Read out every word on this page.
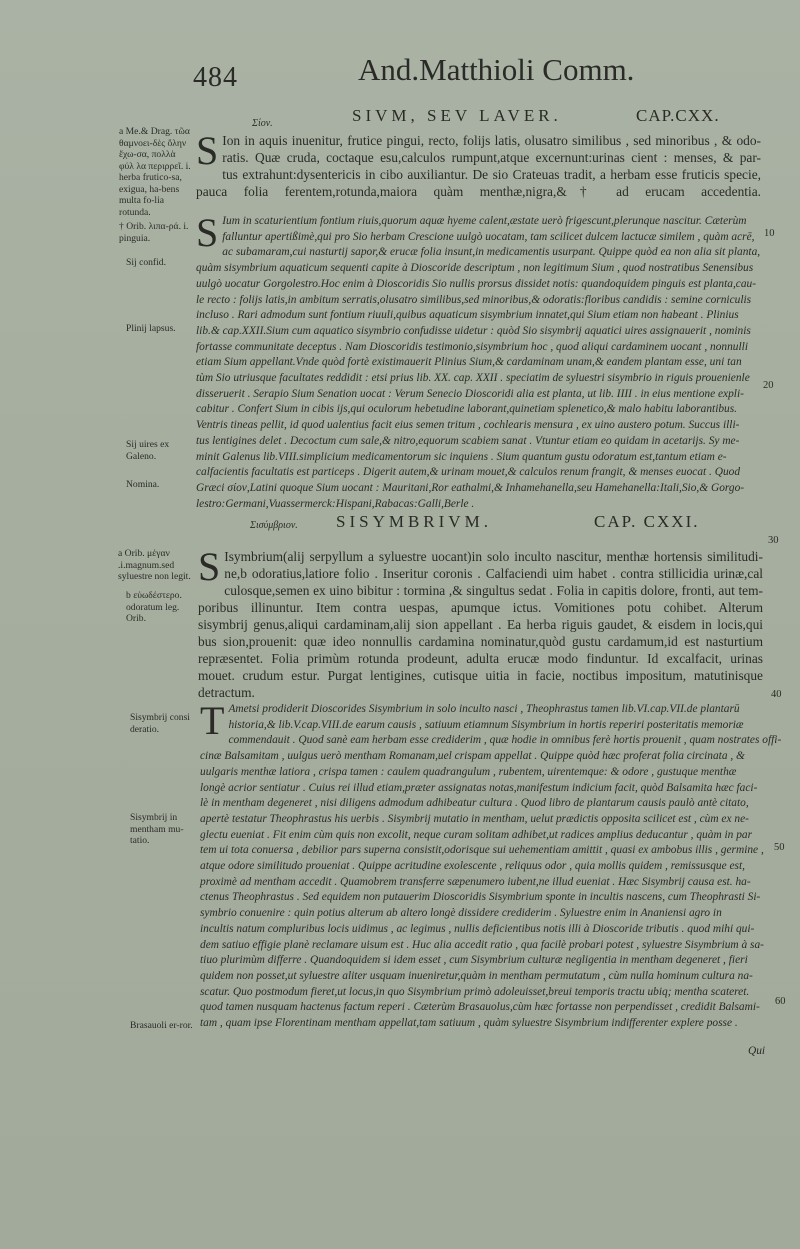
484	And.Matthioli Comm.
Σίον.	SIVM, SEV LAVER.	CAP.CXX.
a Me.& Drag. τῶα θαμνοει-δὲς ὄλην ἔχω-σα, πολλὰ φύλ λα περιρρεῖ. i. herba frutico-sa, exigua, ha-bens multa fo-lia rotunda.
† Orib. λιπα-ρά. i. pinguia.
Sij confid.
Plinij lapsus.
Sij uires ex Galeno.
Nomina.
S Ion in aquis inuenitur, frutice pingui, recto, folijs latis, olusatro similibus , sed minoribus , & odo-
ratis. Quæ cruda, coctaque esu,calculos rumpunt,atque excernunt:urinas cient : menses, & par-
tus extrahunt:dysentericis in cibo auxiliantur. De sio Crateuas tradit, a herbam esse fruticis specie,
pauca folia ferentem,rotunda,maiora quàm menthæ,nigra,&† ad erucam accedentia.
S Ium in scaturientium fontium riuis,quorum aquæ hyeme calent,æstate uerò frigescunt,plerunque nascitur. Cæterùm
falluntur apertißimè,qui pro Sio herbam Crescione uulgò uocatam, tam scilicet dulcem lactucæ similem , quàm acrē,
ac subamaram,cui nasturtij sapor,& erucæ folia insunt,in medicamentis usurpant. Quippe quòd ea non alia sit planta,
quàm sisymbrium aquaticum sequenti capite à Dioscoride descriptum , non legitimum Sium , quod nostratibus Senensibus
uulgò uocatur Gorgolestro.Hoc enim à Dioscoridis Sio nullis prorsus dissidet notis: quandoquidem pinguis est planta,cau-
le recto : folijs latis,in ambitum serratis,olusatro similibus,sed minoribus,& odoratis:floribus candidis : semine corniculis
incluso . Rari admodum sunt fontium riuuli,quibus aquaticum sisymbrium innatet,qui Sium etiam non habeant . Plinius
lib.& cap.XXII.Sium cum aquatico sisymbrio confudisse uidetur : quòd Sio sisymbrij aquatici uires assignauerit , nominis
fortasse communitate deceptus . Nam Dioscoridis testimonio,sisymbrium hoc , quod aliqui cardaminem uocant , nonnulli
etiam Sium appellant.Vnde quòd fortè existimauerit Plinius Sium,& cardaminam unam,& eandem plantam esse, uni tan
tùm Sio utriusque facultates reddidit : etsi prius lib. XX. cap. XXII . speciatim de syluestri sisymbrio in riguis prouenienle
disseruerit . Serapio Sium Senation uocat : Verum Senecio Dioscoridi alia est planta, ut lib. IIII . in eius mentione expli-
cabitur . Confert Sium in cibis ijs,qui oculorum hebetudine laborant,quinetiam splenetico,& malo habitu laborantibus.
Ventris tineas pellit, id quod ualentius facit eius semen tritum , cochlearis mensura , ex uino austero potum. Succus illi-
tus lentigines delet . Decoctum cum sale,& nitro,equorum scabiem sanat . Vtuntur etiam eo quidam in acetarijs. Sy me-
minit Galenus lib.VIII.simplicium medicamentorum sic inquiens . Sium quantum gustu odoratum est,tantum etiam e-
calfacientis facultatis est particeps . Digerit autem,& urinam mouet,& calculos renum frangit, & menses euocat . Quod
Græci σίον,Latini quoque Sium uocant : Mauritani,Ror eathalmi,& Inhamehanella,seu Hamehanella:Itali,Sio,& Gorgo-
lestro:Germani,Vuassermerck:Hispani,Rabacas:Galli,Berle .
Σισύμβριον. SISYMBRIVM.	CAP. CXXI.
a Orib. μέγαν .i.magnum.sed syluestre non legit.
b εὐωδέστερο. odoratum leg. Orib.
Sisymbrij consi deratio.
Sisymbrij in mentham mu-tatio.
Brasauoli er-ror.
S Isymbrium(alij serpyllum a syluestre uocant)in solo inculto nascitur, menthæ hortensis similitudi-
ne,b odoratius,latiore folio . Inseritur coronis . Calfaciendi uim habet . contra stillicidia urinæ,cal
culosque,semen ex uino bibitur : tormina ,& singultus sedat . Folia in capitis dolore, fronti, aut tem-
poribus illinuntur. Item contra uespas, apumque ictus. Vomitiones potu cohibet. Alterum
sisymbrij genus,aliqui cardaminam,alij sion appellant . Ea herba riguis gaudet, & eisdem in locis,qui
bus sion,prouenit: quæ ideo nonnullis cardamina nominatur,quòd gustu cardamum,id est nasturtium
repræsentet. Folia primùm rotunda prodeunt, adulta erucæ modo finduntur. Id excalfacit, urinas
mouet. crudum estur. Purgat lentigines, cutisque uitia in facie, noctibus impositum, matutinisque
detractum.
T Ametsi prodiderit Dioscorides Sisymbrium in solo inculto nasci , Theophrastus tamen lib.VI.cap.VII.de plantarū
historia,& lib.V.cap.VIII.de earum causis , satiuum etiamnum Sisymbrium in hortis reperiri posteritatis memoriæ
commendauit . Quod sanè eam herbam esse crediderim , quæ hodie in omnibus ferè hortis prouenit , quam nostrates offi-
cinæ Balsamitam , uulgus uerò mentham Romanam,uel crispam appellat . Quippe quòd hæc proferat folia circinata , &
uulgaris menthæ latiora , crispa tamen : caulem quadrangulum , rubentem, uirentemque: & odore , gustuque menthæ
longè acrior sentiatur . Cuius rei illud etiam,præter assignatas notas,manifestum indicium facit, quòd Balsamita hæc faci-
lè in mentham degeneret , nisi diligens admodum adhibeatur cultura . Quod libro de plantarum causis paulò antè citato,
apertè testatur Theophrastus his uerbis . Sisymbrij mutatio in mentham, uelut prædictis opposita scilicet est , cùm ex ne-
glectu eueniat . Fit enim cùm quis non excolit, neque curam solitam adhibet,ut radices amplius deducantur , quàm in par
tem ui tota conuersa , debilior pars superna consistit,odorisque sui uehementiam amittit , quasi ex ambobus illis , germine ,
atque odore similitudo proueniat . Quippe acritudine exolescente , reliquus odor , quia mollis quidem , remissusque est,
proximè ad mentham accedit . Quamobrem transferre sæpenumero iubent,ne illud eueniat . Hæc Sisymbrij causa est. ha-
ctenus Theophrastus . Sed equidem non putauerim Dioscoridis Sisymbrium sponte in incultis nascens, cum Theophrasti Si-
symbrio conuenire : quin potius alterum ab altero longè dissidere crediderim . Syluestre enim in Ananiensi agro in
incultis natum compluribus locis uidimus , ac legimus , nullis deficientibus notis illi à Dioscoride tributis . quod mihi qui-
dem satiuo effigie planè reclamare uisum est . Huc alia accedit ratio , qua facilè probari potest , syluestre Sisymbrium à sa-
tiuo plurimùm differre . Quandoquidem si idem esset , cum Sisymbrium culturæ negligentia in mentham degeneret , fieri
quidem non posset,ut syluestre aliter usquam inueniretur,quàm in mentham permutatum , cùm nulla hominum cultura na-
scatur. Quo postmodum fieret,ut locus,in quo Sisymbrium primò adoleuisset,breui temporis tractu ubiq; mentha scateret.
quod tamen nusquam hactenus factum reperi . Cæterùm Brasauolus,cùm hæc fortasse non perpendisset , credidit Balsami-
tam , quam ipse Florentinam mentham appellat,tam satiuum , quàm syluestre Sisymbrium indifferenter explere posse .
10
20
30
40
50
60
Qui
